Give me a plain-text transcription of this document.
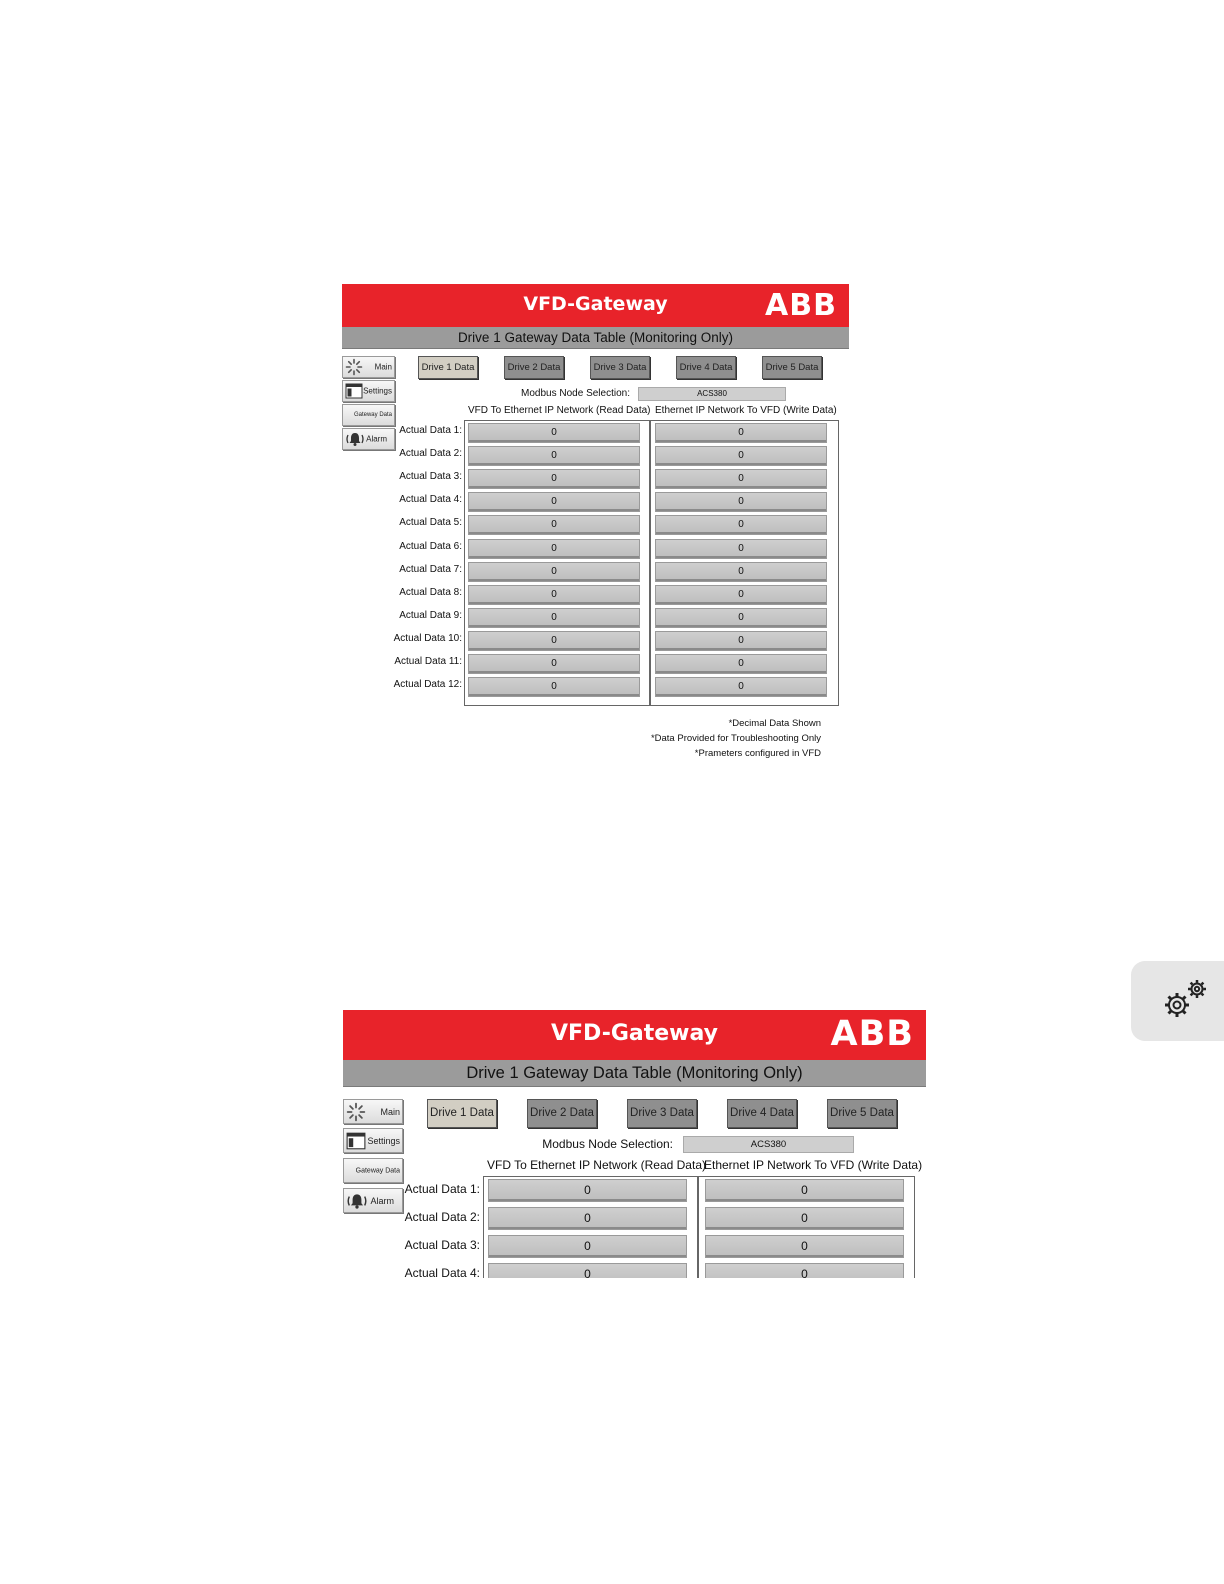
VFD-Gateway	ABB
Drive 1 Gateway Data Table (Monitoring Only)
Main
Settings
Gateway Data
Alarm
Drive 1 Data	Drive 2 Data	Drive 3 Data	Drive 4 Data	Drive 5 Data
Modbus Node Selection:	ACS380
VFD To Ethernet IP Network (Read Data) Ethernet IP Network To VFD (Write Data)
Actual Data 1:	0	0
Actual Data 2:	0	0
Actual Data 3:	0	0
Actual Data 4:	0	0
Actual Data 5:	0	0
Actual Data 6:	0	0
Actual Data 7:	0	0
Actual Data 8:	0	0
Actual Data 9:	0	0
Actual Data 10:	0	0
Actual Data 11:	0	0
Actual Data 12:	0	0
*Decimal Data Shown
*Data Provided for Troubleshooting Only
*Prameters configured in VFD
VFD-Gateway	ABB
Drive 1 Gateway Data Table (Monitoring Only)
Main
Settings
Gateway Data
Alarm
Drive 1 Data	Drive 2 Data	Drive 3 Data	Drive 4 Data	Drive 5 Data
Modbus Node Selection:	ACS380
VFD To Ethernet IP Network (Read Data)
Ethernet IP Network To VFD (Write Data)
Actual Data 1:	0	0
Actual Data 2:	0	0
Actual Data 3:	0	0
Actual Data 4:	0	0
